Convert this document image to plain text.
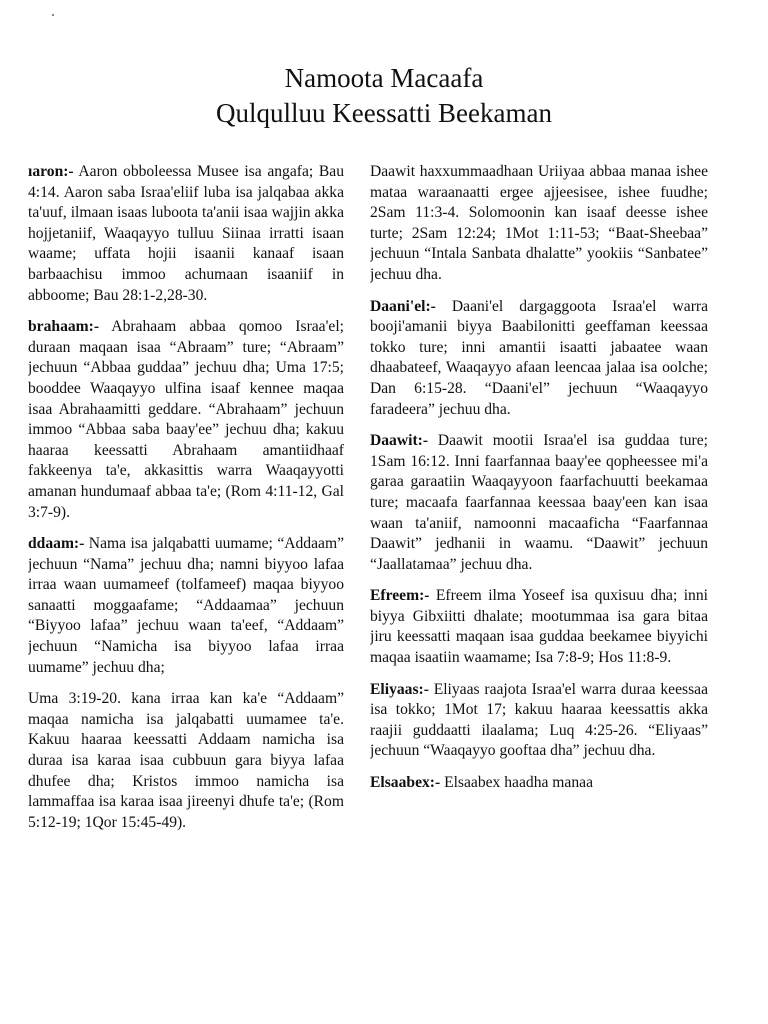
Namoota Macaafa
Qulqulluu Keessatti Beekaman

ıaron:- Aaron obboleessa Musee isa angafa; Bau 4:14. Aaron saba Israa'eliif luba isa jalqabaa akka ta'uuf, ilmaan isaas luboota ta'anii isaa wajjin akka hojjetaniif, Waaqayyo tulluu Siinaa irratti isaan waame; uffata hojii isaanii kanaaf isaan barbaachisu immoo achumaan isaaniif in abboome; Bau 28:1-2,28-30.

brahaam:- Abrahaam abbaa qomoo Israa'el; duraan maqaan isaa “Abraam” ture; “Abraam” jechuun “Abbaa guddaa” jechuu dha; Uma 17:5; booddee Waaqayyo ulfina isaaf kennee maqaa isaa Abrahaamitti geddare. “Abrahaam” jechuun immoo “Abbaa saba baay'ee” jechuu dha; kakuu haaraa keessatti Abrahaam amantiidhaaf fakkeenya ta'e, akkasittis warra Waaqayyotti amanan hundumaaf abbaa ta'e; (Rom 4:11-12, Gal 3:7-9).

ddaam:- Nama isa jalqabatti uumame; “Addaam” jechuun “Nama” jechuu dha; namni biyyoo lafaa irraa waan uumameef (tolfameef) maqaa biyyoo sanaatti moggaafame; “Addaamaa” jechuun “Biyyoo lafaa” jechuu waan ta'eef, “Addaam” jechuun “Namicha isa biyyoo lafaa irraa uumame” jechuu dha;

Uma 3:19-20. kana irraa kan ka'e “Addaam” maqaa namicha isa jalqabatti uumamee ta'e. Kakuu haaraa keessatti Addaam namicha isa duraa isa karaa isaa cubbuun gara biyya lafaa dhufee dha; Kristos immoo namicha isa lammaffaa isa karaa isaa jireenyi dhufe ta'e; (Rom 5:12-19; 1Qor 15:45-49).

Daawit haxxummaadhaan Uriiyaa abbaa manaa ishee mataa waraanaatti ergee ajjeesisee, ishee fuudhe; 2Sam 11:3-4. Solomoonin kan isaaf deesse ishee turte; 2Sam 12:24; 1Mot 1:11-53; “Baat-Sheebaa” jechuun “Intala Sanbata dhalatte” yookiis “Sanbatee” jechuu dha.

Daani'el:- Daani'el dargaggoota Israa'el warra booji'amanii biyya Baabilonitti geeffaman keessaa tokko ture; inni amantii isaatti jabaatee waan dhaabateef, Waaqayyo afaan leencaa jalaa isa oolche; Dan 6:15-28. “Daani'el” jechuun “Waaqayyo faradeera” jechuu dha.

Daawit:- Daawit mootii Israa'el isa guddaa ture; 1Sam 16:12. Inni faarfannaa baay'ee qopheessee mi'a garaa garaatiin Waaqayyoon faarfachuutti beekamaa ture; macaafa faarfannaa keessaa baay'een kan isaa waan ta'aniif, namoonni macaaficha “Faarfannaa Daawit” jedhanii in waamu. “Daawit” jechuun “Jaallatamaa” jechuu dha.

Efreem:- Efreem ilma Yoseef isa quxisuu dha; inni biyya Gibxiitti dhalate; mootummaa isa gara bitaa jiru keessatti maqaan isaa guddaa beekamee biyyichi maqaa isaatiin waamame; Isa 7:8-9; Hos 11:8-9.

Eliyaas:- Eliyaas raajota Israa'el warra duraa keessaa isa tokko; 1Mot 17; kakuu haaraa keessattis akka raajii guddaatti ilaalama; Luq 4:25-26. “Eliyaas” jechuun “Waaqayyo gooftaa dha” jechuu dha.

Elsaabex:- Elsaabex haadha manaa
